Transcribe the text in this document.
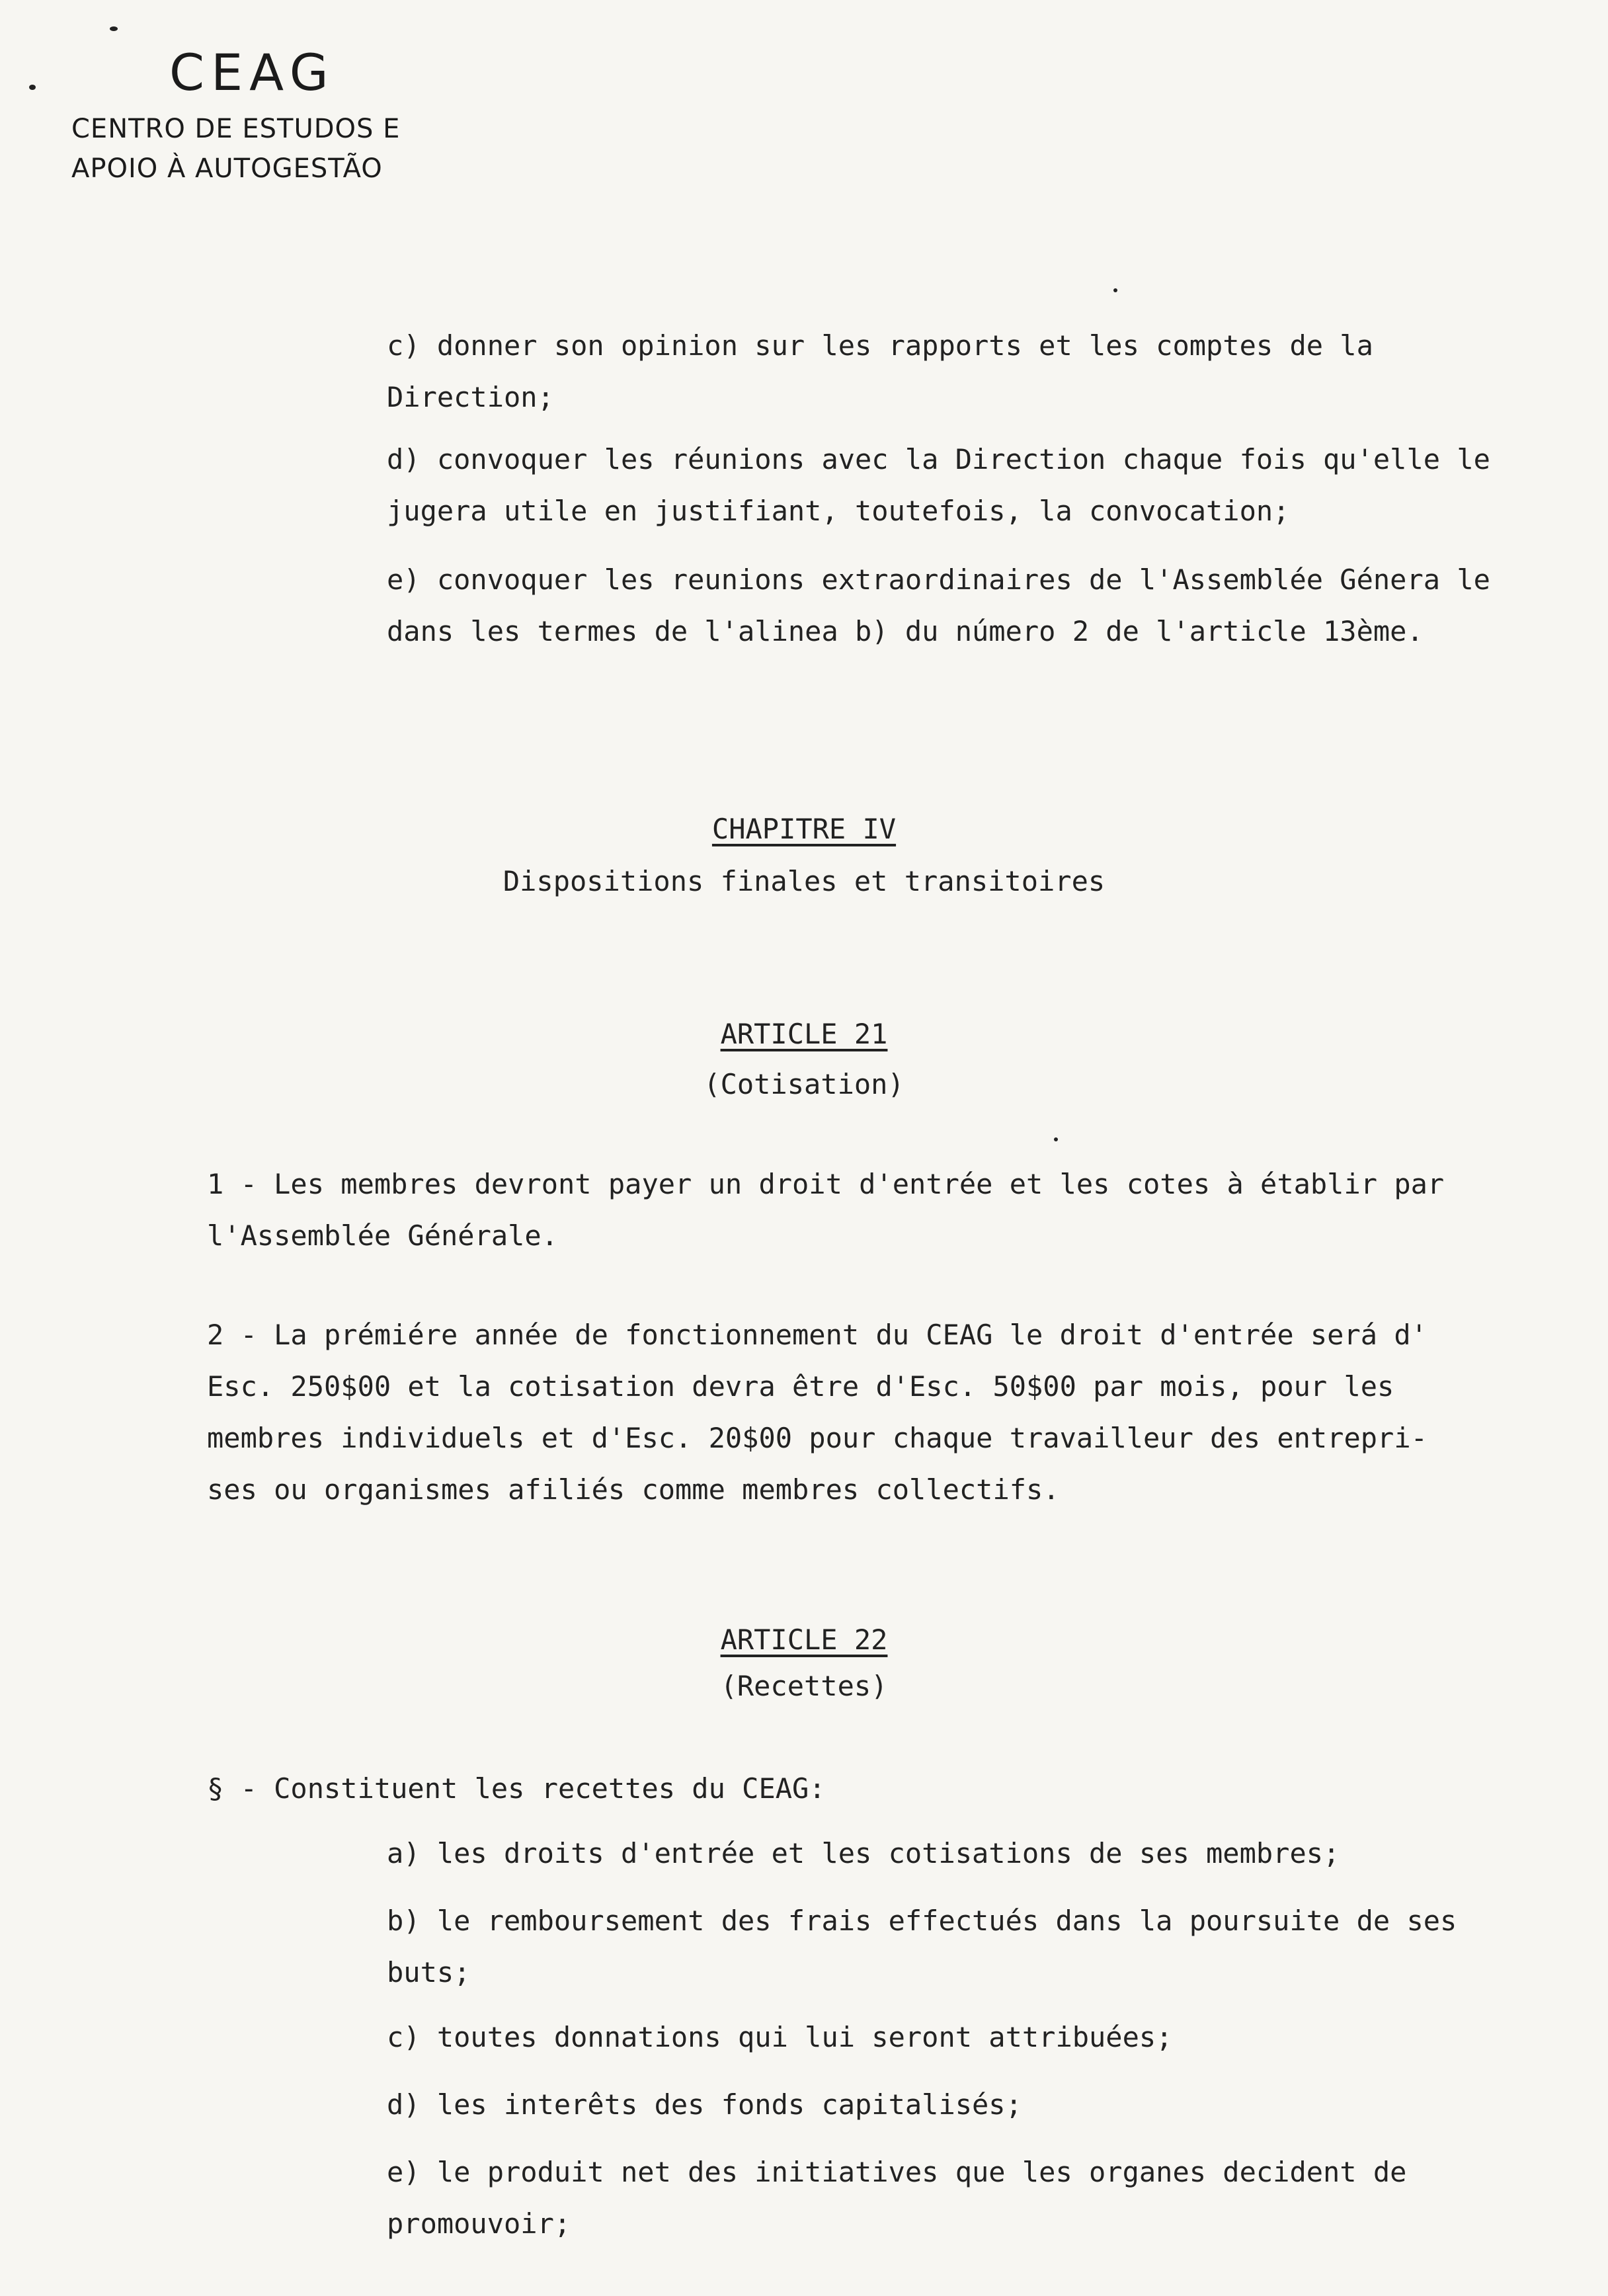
CEAG
CENTRO DE ESTUDOS E
APOIO À AUTOGESTÃO

c) donner son opinion sur les rapports et les comptes de la Direction;

d) convoquer les réunions avec la Direction chaque fois qu'elle le jugera utile en justifiant, toutefois, la convocation;

e) convoquer les reunions extraordinaires de l'Assemblée Génera le dans les termes de l'alinea b) du número 2 de l'article 13ème.

CHAPITRE IV

Dispositions finales et transitoires

ARTICLE 21

(Cotisation)

1 - Les membres devront payer un droit d'entrée et les cotes à établir par l'Assemblée Générale.

2 - La prémiére année de fonctionnement du CEAG le droit d'entrée será d' Esc. 250$00 et la cotisation devra être d'Esc. 50$00 par mois, pour les membres individuels et d'Esc. 20$00 pour chaque travailleur des entrepri- ses ou organismes afiliés comme membres collectifs.

ARTICLE 22

(Recettes)

§ - Constituent les recettes du CEAG:

a) les droits d'entrée et les cotisations de ses membres;

b) le remboursement des frais effectués dans la poursuite de ses buts;

c) toutes donnations qui lui seront attribuées;

d) les interêts des fonds capitalisés;

e) le produit net des initiatives que les organes decident de promouvoir;
